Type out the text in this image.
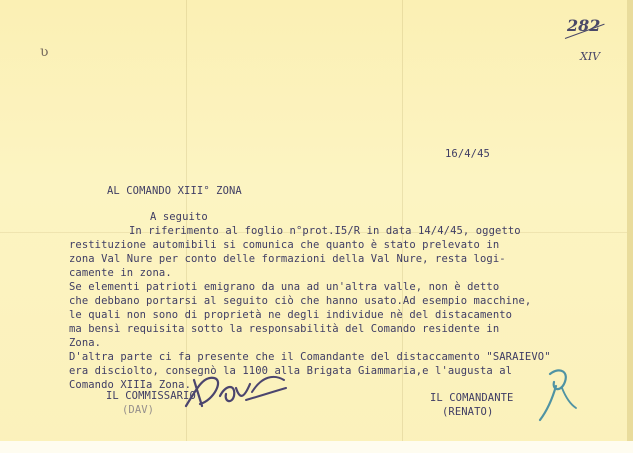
ʋ
282
XIV
16/4/45
AL COMANDO XIII° ZONA
A seguito
In riferimento al foglio n°prot.I5/R in data 14/4/45, oggetto
restituzione automibili si comunica che quanto è stato prelevato in
zona Val Nure per conto delle formazioni della Val Nure, resta logi-
camente in zona.
Se elementi patrioti emigrano da una ad un'altra valle, non è detto
che debbano portarsi al seguito ciò che hanno usato.Ad esempio macchine,
le quali non sono di proprietà ne degli individue nè del distacamento
ma bensì requisita sotto la responsabilità del Comando residente in
Zona.
D'altra parte ci fa presente che il Comandante del distaccamento "SARAIEVO"
era disciolto, consegnò la 1100 alla Brigata Giammaria,e l'augusta al
Comando XIIIa Zona.
IL COMMISSARIO
(DAV)
IL COMANDANTE
(RENATO)
